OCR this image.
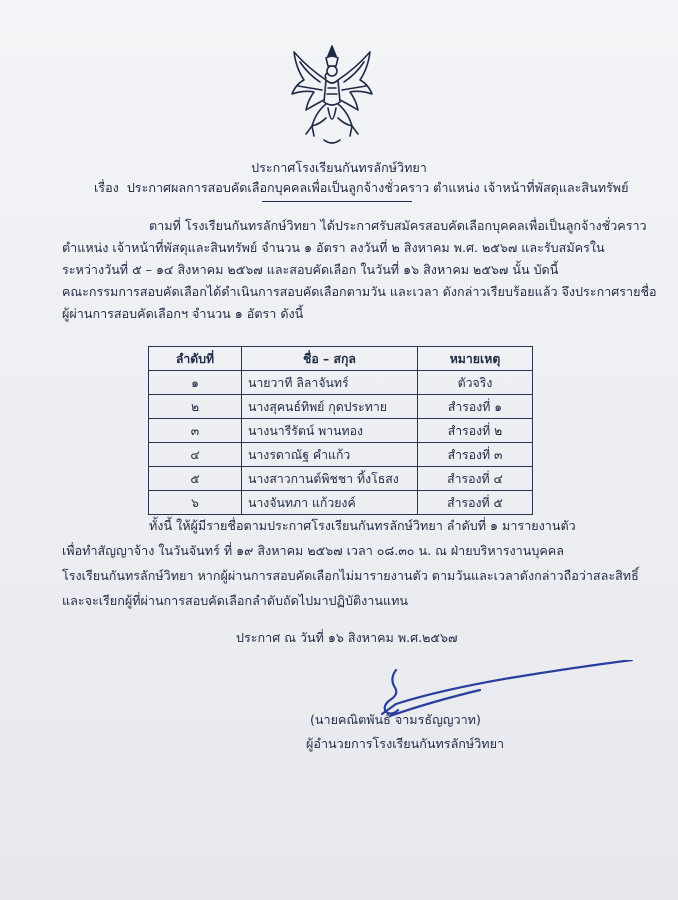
ประกาศโรงเรียนกันทรลักษ์วิทยา
เรื่อง ประกาศผลการสอบคัดเลือกบุคคลเพื่อเป็นลูกจ้างชั่วคราว ตำแหน่ง เจ้าหน้าที่พัสดุและสินทรัพย์
ตามที่ โรงเรียนกันทรลักษ์วิทยา ได้ประกาศรับสมัครสอบคัดเลือกบุคคลเพื่อเป็นลูกจ้างชั่วคราว
ตำแหน่ง เจ้าหน้าที่พัสดุและสินทรัพย์ จำนวน ๑ อัตรา ลงวันที่ ๒ สิงหาคม พ.ศ. ๒๕๖๗ และรับสมัครใน
ระหว่างวันที่ ๕ – ๑๔ สิงหาคม ๒๕๖๗ และสอบคัดเลือก ในวันที่ ๑๖ สิงหาคม ๒๕๖๗ นั้น บัดนี้
คณะกรรมการสอบคัดเลือกได้ดำเนินการสอบคัดเลือกตามวัน และเวลา ดังกล่าวเรียบร้อยแล้ว จึงประกาศรายชื่อ
ผู้ผ่านการสอบคัดเลือกฯ จำนวน ๑ อัตรา ดังนี้
ลำดับที่	ชื่อ – สกุล	หมายเหตุ
๑	นายวาที ลิลาจันทร์	ตัวจริง
๒	นางสุคนธ์ทิพย์ กุดประทาย	สำรองที่ ๑
๓	นางนารีรัตน์ พานทอง	สำรองที่ ๒
๔	นางรดาณัฐ คำแก้ว	สำรองที่ ๓
๕	นางสาวกานต์พิชชา ทิ้งโธสง	สำรองที่ ๔
๖	นางจันทภา แก้วยงค์	สำรองที่ ๕
ทั้งนี้ ให้ผู้มีรายชื่อตามประกาศโรงเรียนกันทรลักษ์วิทยา ลำดับที่ ๑ มารายงานตัว
เพื่อทำสัญญาจ้าง ในวันจันทร์ ที่ ๑๙ สิงหาคม ๒๕๖๗ เวลา ๐๘.๓๐ น. ณ ฝ่ายบริหารงานบุคคล
โรงเรียนกันทรลักษ์วิทยา หากผู้ผ่านการสอบคัดเลือกไม่มารายงานตัว ตามวันและเวลาดังกล่าวถือว่าสละสิทธิ์
และจะเรียกผู้ที่ผ่านการสอบคัดเลือกลำดับถัดไปมาปฏิบัติงานแทน
ประกาศ ณ วันที่ ๑๖ สิงหาคม พ.ศ.๒๕๖๗
(นายคณิตพันธ์ จามรธัญญวาท)
ผู้อำนวยการโรงเรียนกันทรลักษ์วิทยา
